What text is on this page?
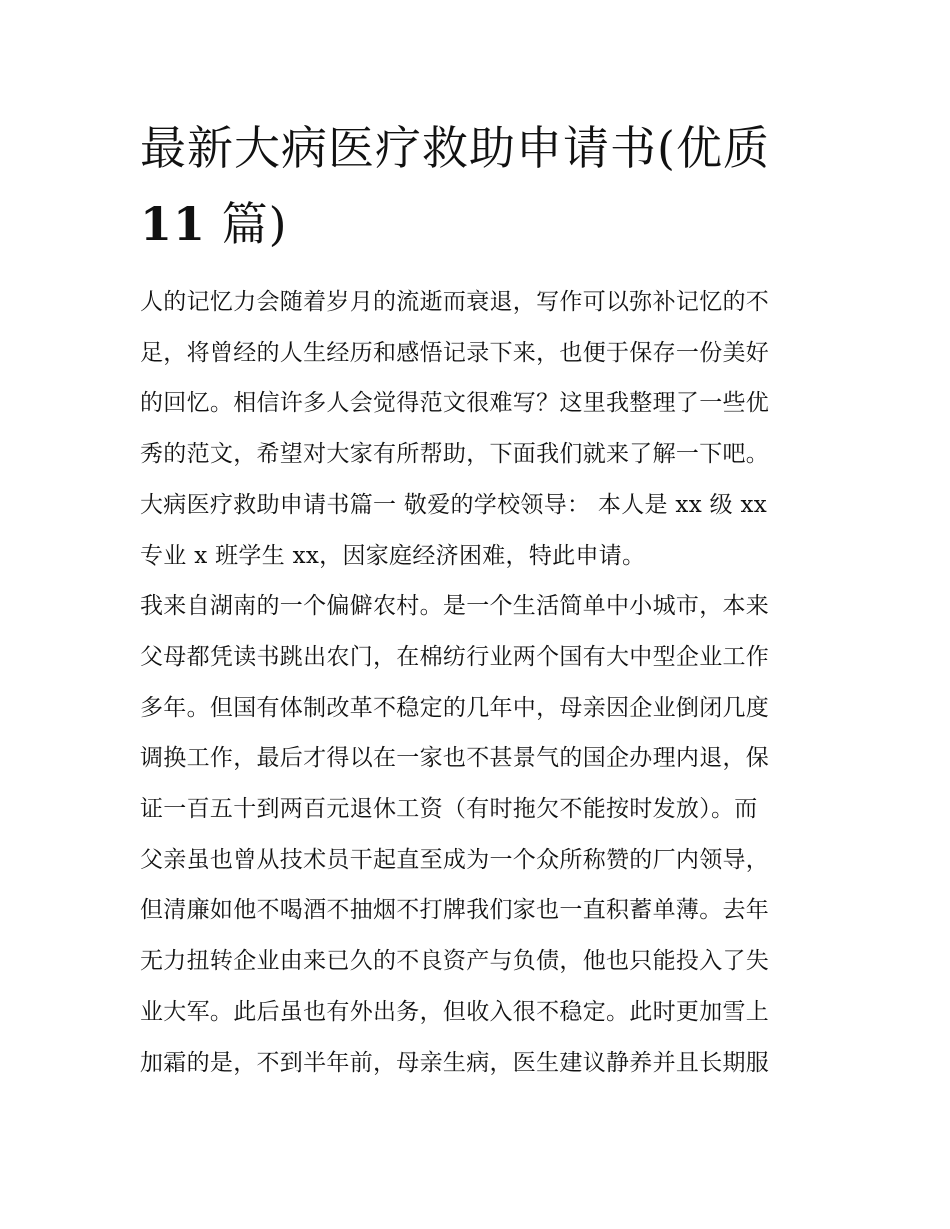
最新大病医疗救助申请书(优质
11 篇)
人的记忆力会随着岁月的流逝而衰退，写作可以弥补记忆的不
足，将曾经的人生经历和感悟记录下来，也便于保存一份美好
的回忆。相信许多人会觉得范文很难写？这里我整理了一些优
秀的范文，希望对大家有所帮助，下面我们就来了解一下吧。
大病医疗救助申请书篇一 敬爱的学校领导： 本人是 xx 级 xx
专业 x 班学生 xx，因家庭经济困难，特此申请。
我来自湖南的一个偏僻农村。是一个生活简单中小城市，本来
父母都凭读书跳出农门，在棉纺行业两个国有大中型企业工作
多年。但国有体制改革不稳定的几年中，母亲因企业倒闭几度
调换工作，最后才得以在一家也不甚景气的国企办理内退，保
证一百五十到两百元退休工资（有时拖欠不能按时发放）。而
父亲虽也曾从技术员干起直至成为一个众所称赞的厂内领导，
但清廉如他不喝酒不抽烟不打牌我们家也一直积蓄单薄。去年
无力扭转企业由来已久的不良资产与负债，他也只能投入了失
业大军。此后虽也有外出务，但收入很不稳定。此时更加雪上
加霜的是，不到半年前，母亲生病，医生建议静养并且长期服
